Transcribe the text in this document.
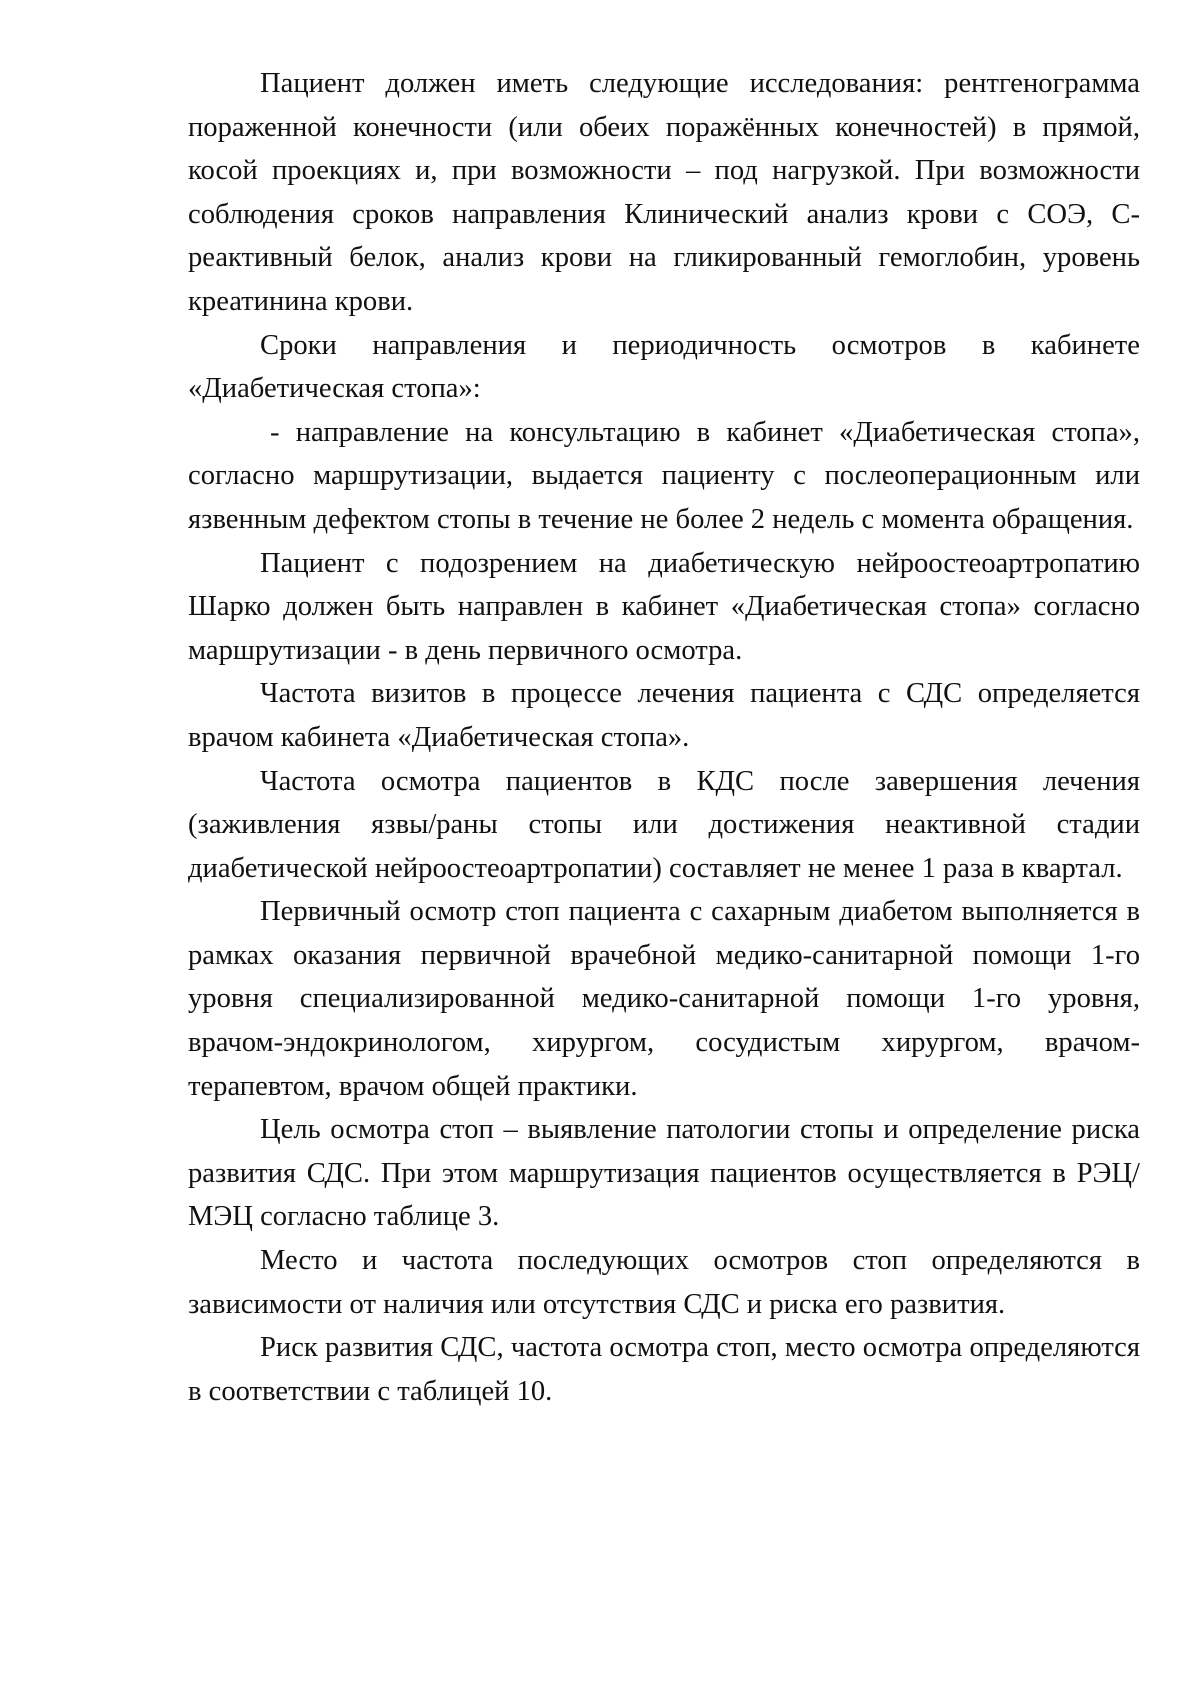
Пациент должен иметь следующие исследования: рентгенограмма пораженной конечности (или обеих поражённых конечностей) в прямой, косой проекциях и, при возможности – под нагрузкой. При возможности соблюдения сроков направления Клинический анализ крови с СОЭ, С-реактивный белок, анализ крови на гликированный гемоглобин, уровень креатинина крови.

Сроки направления и периодичность осмотров в кабинете «Диабетическая стопа»:

- направление на консультацию в кабинет «Диабетическая стопа», согласно маршрутизации, выдается пациенту с послеоперационным или язвенным дефектом стопы в течение не более 2 недель с момента обращения.

Пациент с подозрением на диабетическую нейроостеоартропатию Шарко должен быть направлен в кабинет «Диабетическая стопа» согласно маршрутизации - в день первичного осмотра.

Частота визитов в процессе лечения пациента с СДС определяется врачом кабинета «Диабетическая стопа».

Частота осмотра пациентов в КДС после завершения лечения (заживления язвы/раны стопы или достижения неактивной стадии диабетической нейроостеоартропатии) составляет не менее 1 раза в квартал.

Первичный осмотр стоп пациента с сахарным диабетом выполняется в рамках оказания первичной врачебной медико-санитарной помощи 1-го уровня специализированной медико-санитарной помощи 1-го уровня, врачом-эндокринологом, хирургом, сосудистым хирургом, врачом-терапевтом, врачом общей практики.

Цель осмотра стоп – выявление патологии стопы и определение риска развития СДС. При этом маршрутизация пациентов осуществляется в РЭЦ/МЭЦ согласно таблице 3.

Место и частота последующих осмотров стоп определяются в зависимости от наличия или отсутствия СДС и риска его развития.

Риск развития СДС, частота осмотра стоп, место осмотра определяются в соответствии с таблицей 10.
